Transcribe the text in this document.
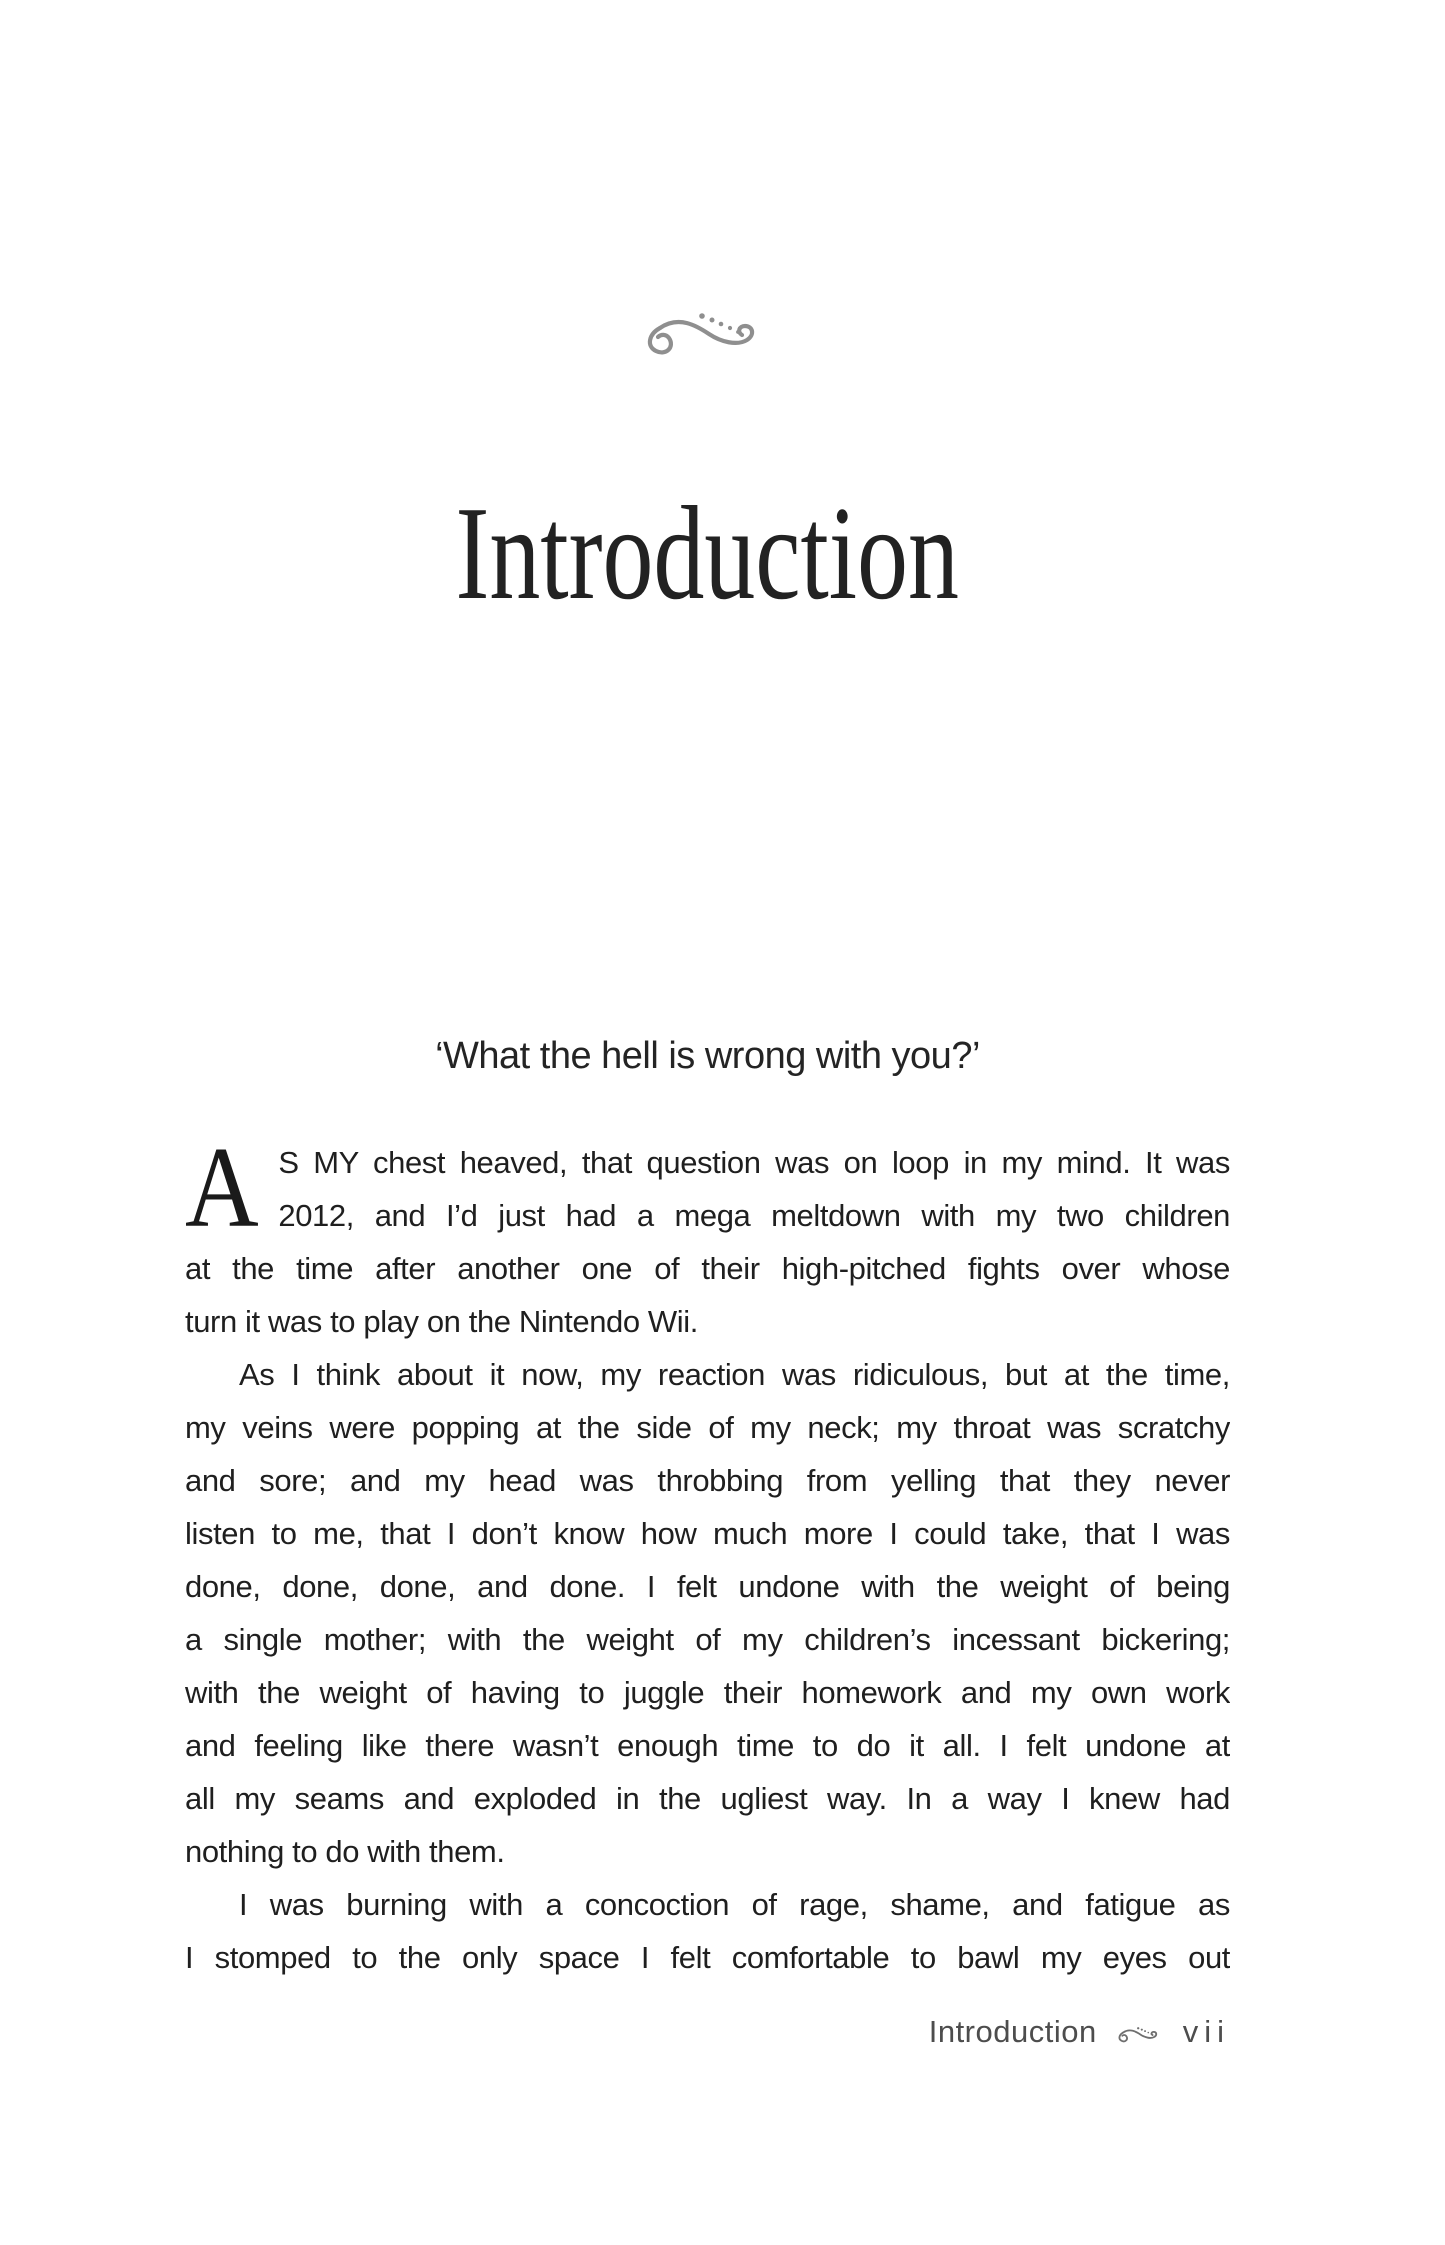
Introduction
‘What the hell is wrong with you?’
A S MY chest heaved, that question was on loop in my mind. It was
2012, and I’d just had a mega meltdown with my two children
at the time after another one of their high-pitched fights over whose
turn it was to play on the Nintendo Wii.
As I think about it now, my reaction was ridiculous, but at the time,
my veins were popping at the side of my neck; my throat was scratchy
and sore; and my head was throbbing from yelling that they never
listen to me, that I don’t know how much more I could take, that I was
done, done, done, and done. I felt undone with the weight of being
a single mother; with the weight of my children’s incessant bickering;
with the weight of having to juggle their homework and my own work
and feeling like there wasn’t enough time to do it all. I felt undone at
all my seams and exploded in the ugliest way. In a way I knew had
nothing to do with them.
I was burning with a concoction of rage, shame, and fatigue as
I stomped to the only space I felt comfortable to bawl my eyes out
Introduction	vii
